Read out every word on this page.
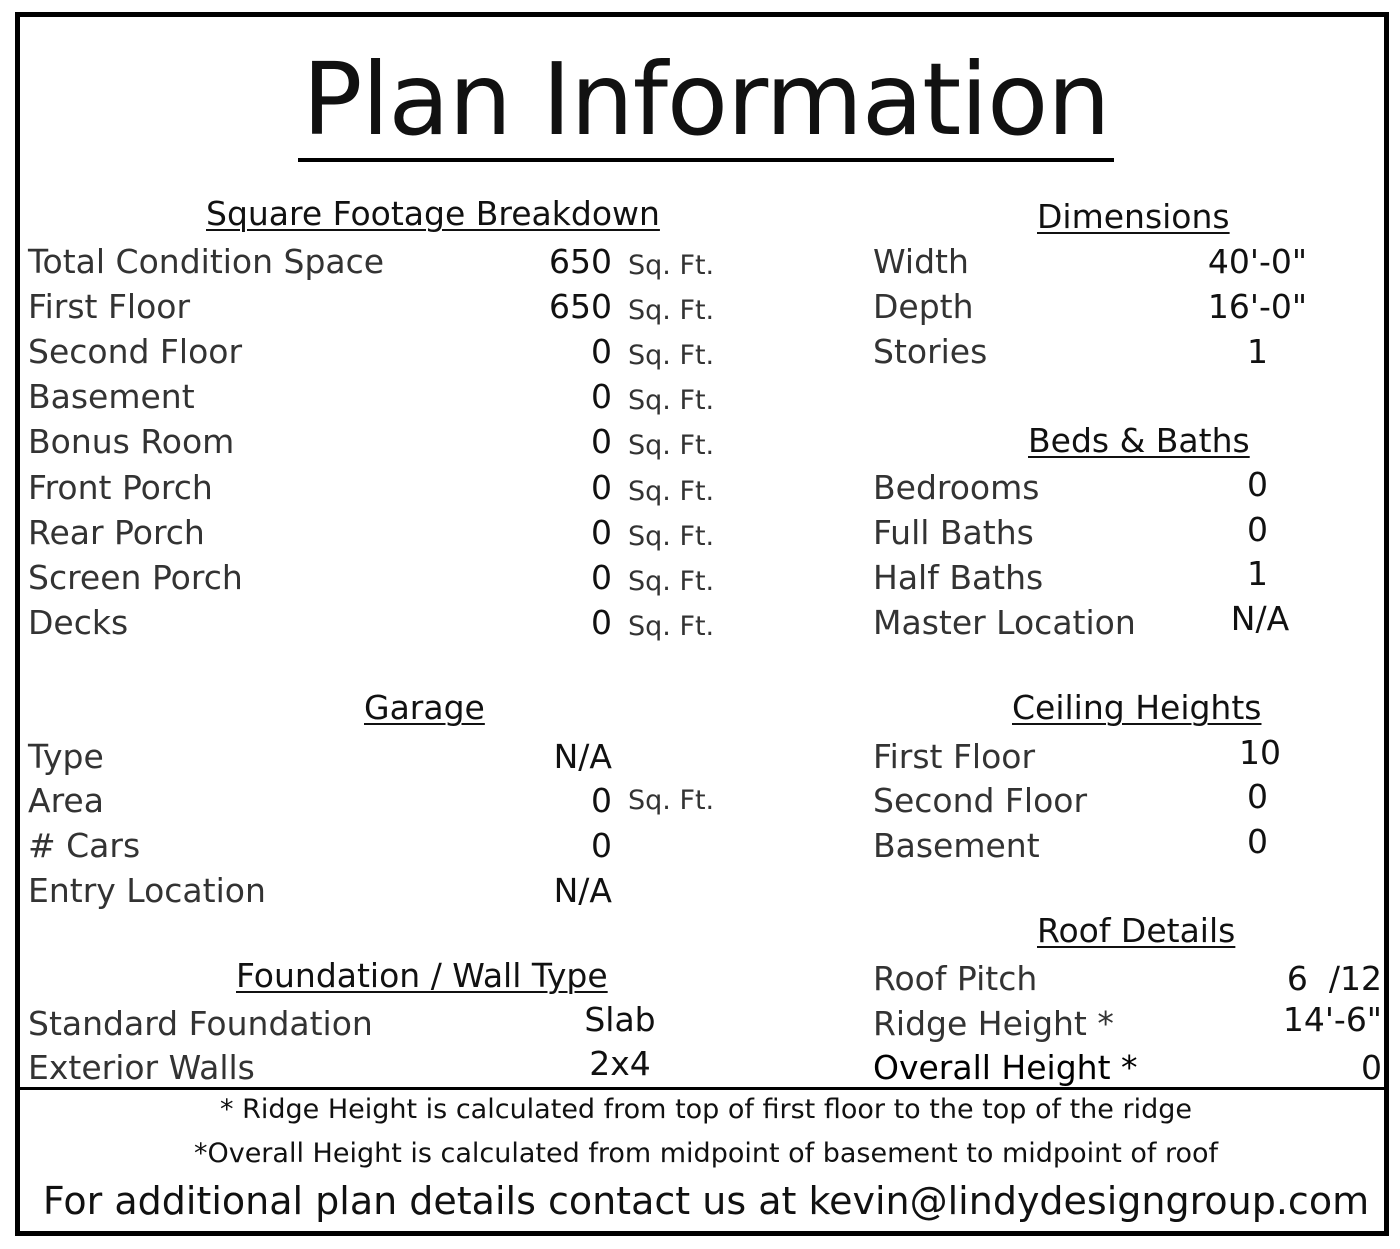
Plan Information
Square Footage Breakdown
Total Condition Space	650 Sq. Ft.
First Floor	650 Sq. Ft.
Second Floor	0 Sq. Ft.
Basement	0 Sq. Ft.
Bonus Room	0 Sq. Ft.
Front Porch	0 Sq. Ft.
Rear Porch	0 Sq. Ft.
Screen Porch	0 Sq. Ft.
Decks	0 Sq. Ft.
Garage
Type	N/A
Area	0 Sq. Ft.
# Cars	0
Entry Location	N/A
Foundation / Wall Type
Standard Foundation	Slab
Exterior Walls	2x4
Dimensions
Width	40'-0"
Depth	16'-0"
Stories	1
Beds & Baths
Bedrooms	0
Full Baths	0
Half Baths	1
Master Location	N/A
Ceiling Heights
First Floor	10
Second Floor	0
Basement	0
Roof Details
Roof Pitch	6  /12
Ridge Height *	14'-6"
Overall Height *	0
* Ridge Height is calculated from top of first floor to the top of the ridge
*Overall Height is calculated from midpoint of basement to midpoint of roof
For additional plan details contact us at kevin@lindydesigngroup.com
